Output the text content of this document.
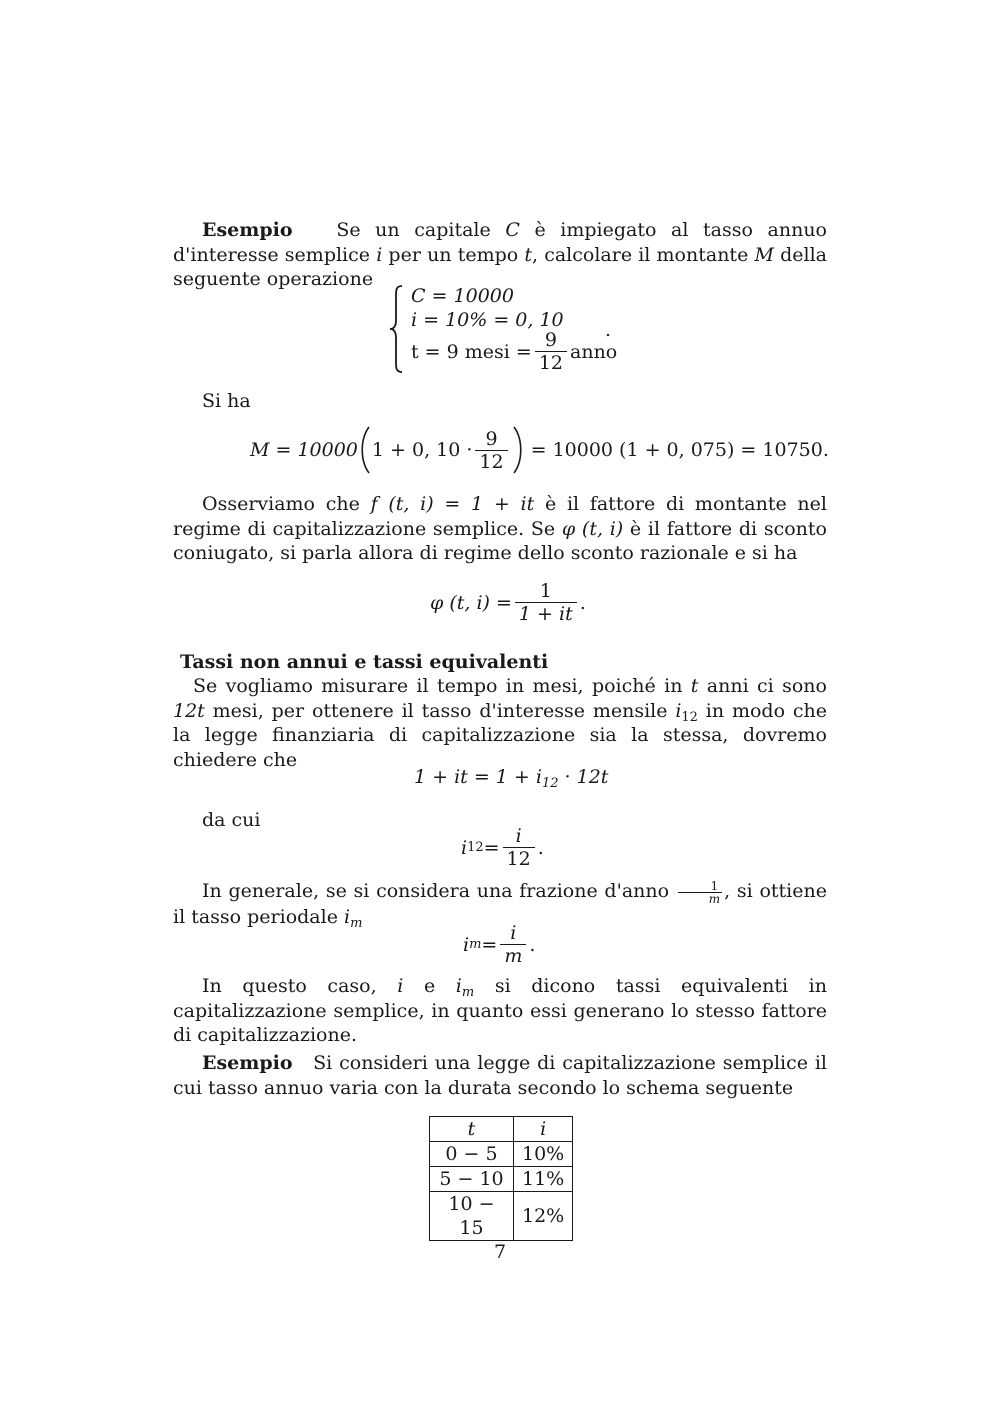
Esempio Se un capitale C è impiegato al tasso annuo d'interesse semplice i per un tempo t, calcolare il montante M della seguente operazione
C = 10000
i = 10% = 0, 10
t = 9 mesi = $\frac{9}{12}$ anno
.
Si ha
M = 10000 1 + 0, $10 \cdot \frac{9}{12} = 10000$ (1 + 0, 075) = 10750.
Osserviamo che f (t, i) = 1 + it è il fattore di montante nel regime di capitalizzazione semplice. Se φ (t, i) è il fattore di sconto coniugato, si parla allora di regime dello sconto razionale e si ha
φ (t, $i) = \frac{1}{1 + it}$ .
Tassi non annui e tassi equivalenti
Se vogliamo misurare il tempo in mesi, poiché in t anni ci sono 12t mesi, per ottenere il tasso d'interesse mensile $i_{12}$ in modo che la legge finanziaria di capitalizzazione sia la stessa, dovremo chiedere che
1 + it = $1 + i_{12} \cdot 12t$
da cui
i $12 = \frac{i}{12}$ .
In generale, se si considera una frazione d'anno $\frac{1}{m}$ , si ottiene il tasso periodale $i_m$
i $m = \frac{i}{m}$ .
In questo caso, i e $i_m$ si dicono tassi equivalenti in capitalizzazione semplice, in quanto essi generano lo stesso fattore di capitalizzazione.
Esempio Si consideri una legge di capitalizzazione semplice il cui tasso annuo varia con la durata secondo lo schema seguente
t	i
0 − 5	10%
5 − 10	11%
10 − 15	12%
7
